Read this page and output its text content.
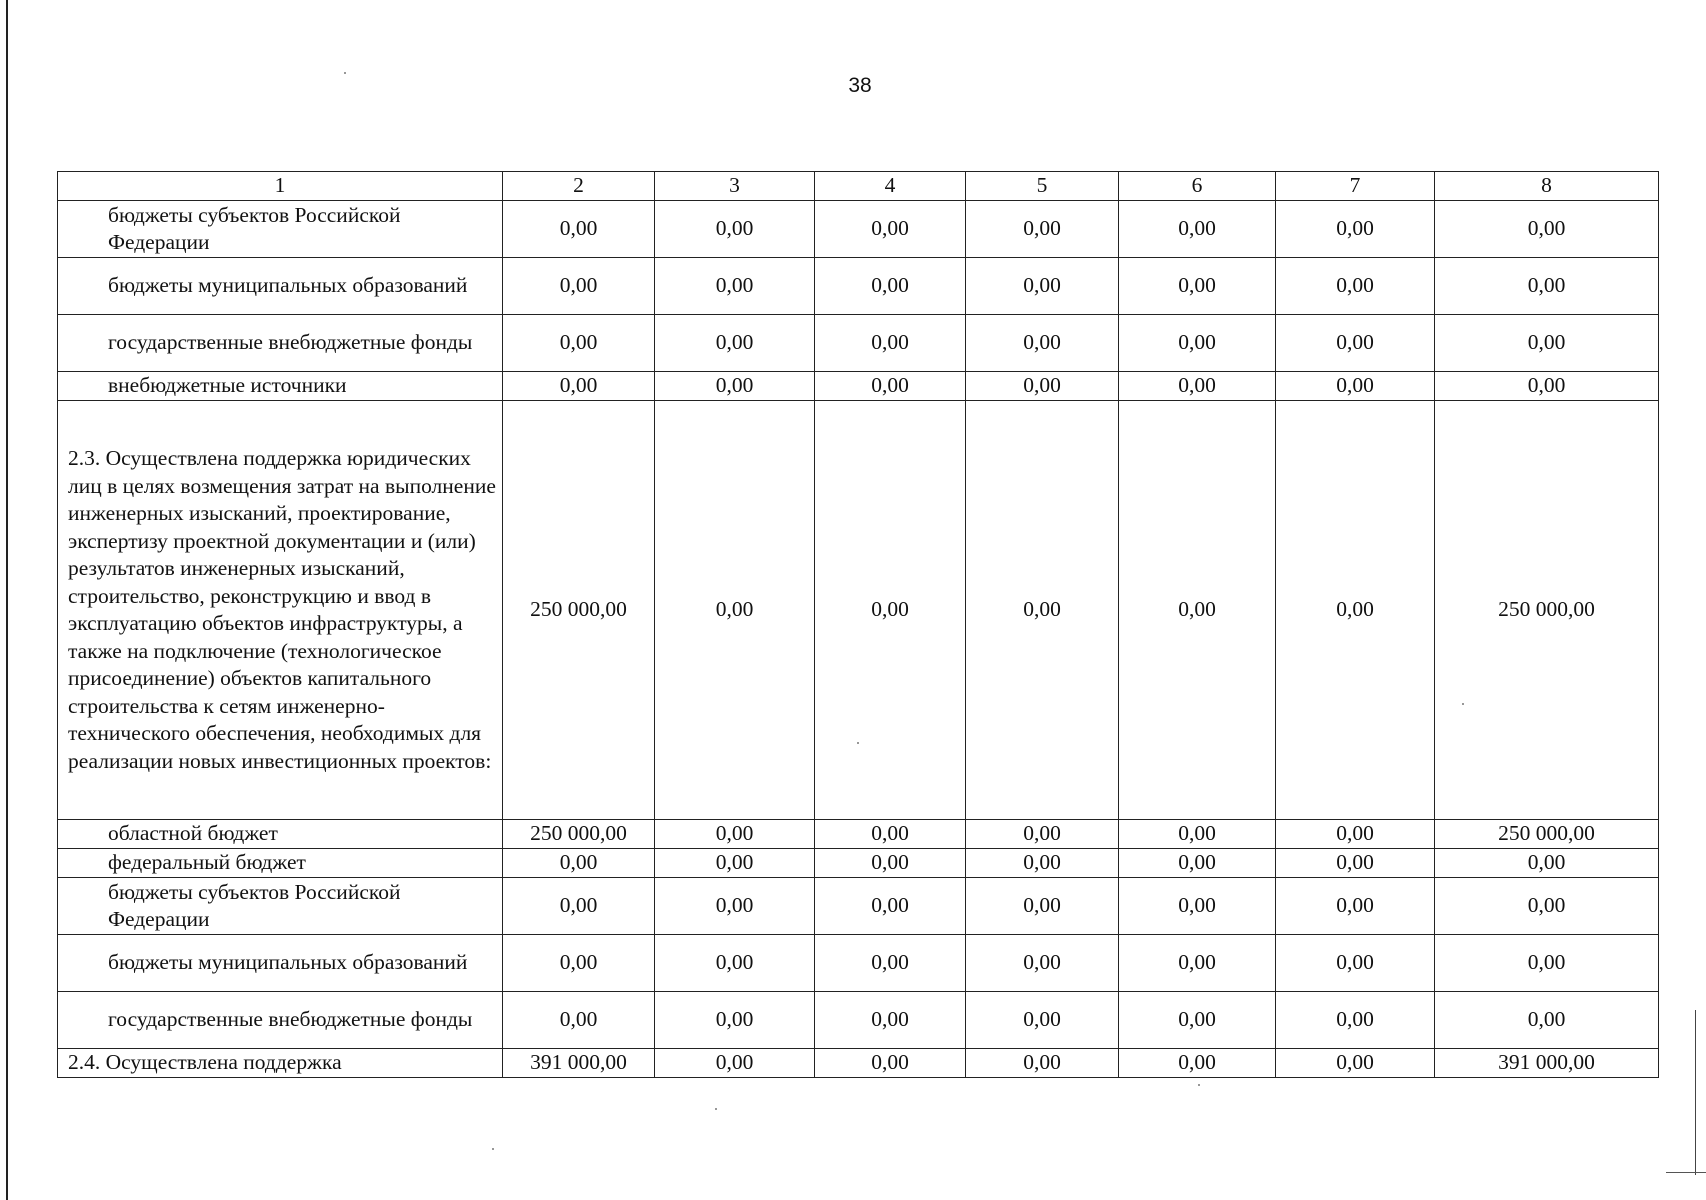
38
1	2	3	4	5	6	7	8
бюджеты субъектов Российской Федерации	0,00	0,00	0,00	0,00	0,00	0,00	0,00
бюджеты муниципальных образований	0,00	0,00	0,00	0,00	0,00	0,00	0,00
государственные внебюджетные фонды	0,00	0,00	0,00	0,00	0,00	0,00	0,00
внебюджетные источники	0,00	0,00	0,00	0,00	0,00	0,00	0,00
2.3. Осуществлена поддержка юридических лиц в целях возмещения затрат на выполнение инженерных изысканий, проектирование, экспертизу проектной документации и (или) результатов инженерных изысканий, строительство, реконструкцию и ввод в эксплуатацию объектов инфраструктуры, а также на подключение (технологическое присоединение) объектов капитального строительства к сетям инженерно-технического обеспечения, необходимых для реализации новых инвестиционных проектов:	250 000,00	0,00	0,00	0,00	0,00	0,00	250 000,00
областной бюджет	250 000,00	0,00	0,00	0,00	0,00	0,00	250 000,00
федеральный бюджет	0,00	0,00	0,00	0,00	0,00	0,00	0,00
бюджеты субъектов Российской Федерации	0,00	0,00	0,00	0,00	0,00	0,00	0,00
бюджеты муниципальных образований	0,00	0,00	0,00	0,00	0,00	0,00	0,00
государственные внебюджетные фонды	0,00	0,00	0,00	0,00	0,00	0,00	0,00
2.4. Осуществлена поддержка	391 000,00	0,00	0,00	0,00	0,00	0,00	391 000,00
